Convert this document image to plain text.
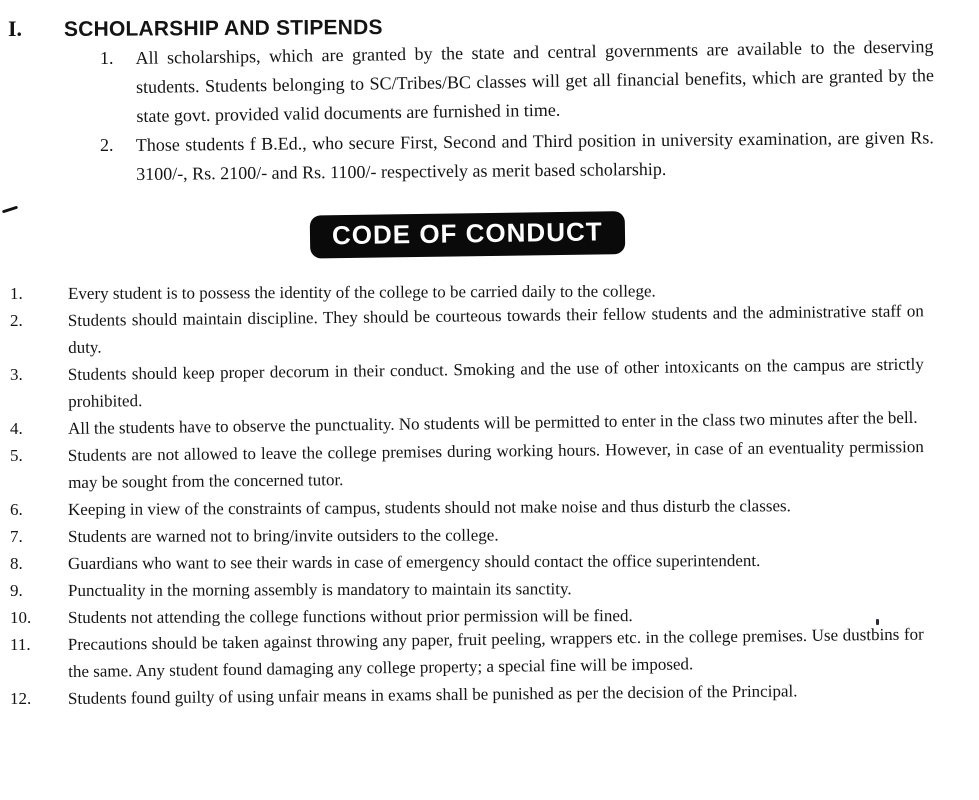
I.	SCHOLARSHIP AND STIPENDS
1.	All scholarships, which are granted by the state and central governments are available to the deserving students. Students belonging to SC/Tribes/BC classes will get all financial benefits, which are granted by the state govt. provided valid documents are furnished in time.
2.	Those students f B.Ed., who secure First, Second and Third position in university examination, are given Rs. 3100/-, Rs. 2100/- and Rs. 1100/- respectively as merit based scholarship.
CODE OF CONDUCT
1.	Every student is to possess the identity of the college to be carried daily to the college.
2.	Students should maintain discipline. They should be courteous towards their fellow students and the administrative staff on duty.
3.	Students should keep proper decorum in their conduct. Smoking and the use of other intoxicants on the campus are strictly prohibited.
4.	All the students have to observe the punctuality. No students will be permitted to enter in the class two minutes after the bell.
5.	Students are not allowed to leave the college premises during working hours. However, in case of an eventuality permission may be sought from the concerned tutor.
6.	Keeping in view of the constraints of campus, students should not make noise and thus disturb the classes.
7.	Students are warned not to bring/invite outsiders to the college.
8.	Guardians who want to see their wards in case of emergency should contact the office superintendent.
9.	Punctuality in the morning assembly is mandatory to maintain its sanctity.
10.	Students not attending the college functions without prior permission will be fined.
11.	Precautions should be taken against throwing any paper, fruit peeling, wrappers etc. in the college premises. Use dustbins for the same. Any student found damaging any college property; a special fine will be imposed.
12.	Students found guilty of using unfair means in exams shall be punished as per the decision of the Principal.
